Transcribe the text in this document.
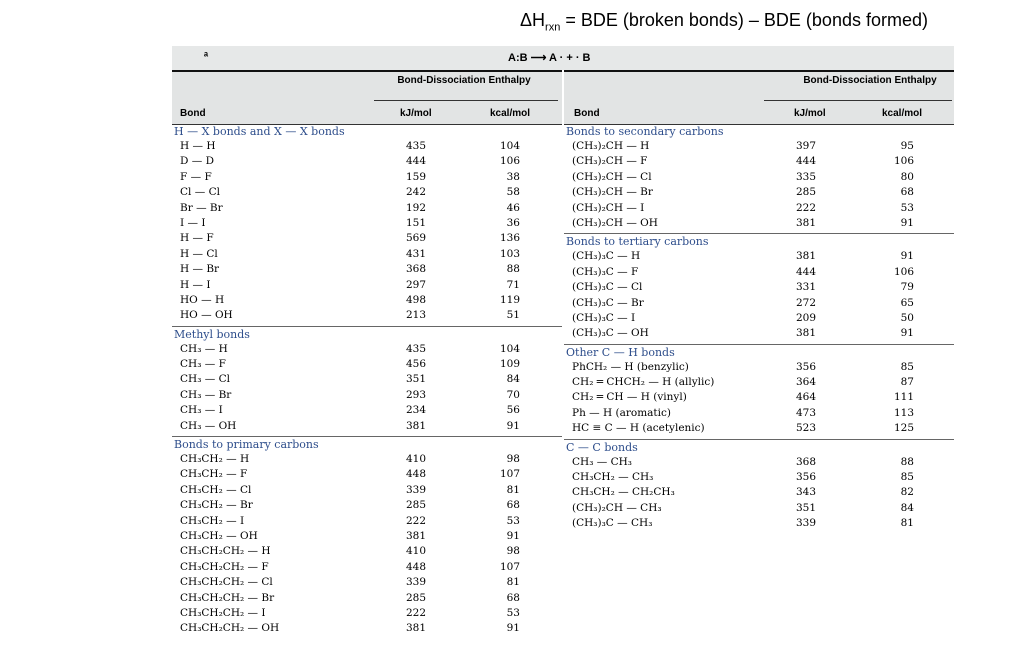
$\Delta H_{rxn}$ = BDE (broken bonds) – BDE (bonds formed)
ᵃ	A:B ⟶ A · + · B
Bond-Dissociation Enthalpy
Bond	kJ/mol	kcal/mol
Bond-Dissociation Enthalpy
Bond	kJ/mol	kcal/mol
H — X bonds and X — X bonds
H — H	435	104
D — D	444	106
F — F	159	38
Cl — Cl	242	58
Br — Br	192	46
I — I	151	36
H — F	569	136
H — Cl	431	103
H — Br	368	88
H — I	297	71
HO — H	498	119
HO — OH	213	51
Methyl bonds
CH₃ — H	435	104
CH₃ — F	456	109
CH₃ — Cl	351	84
CH₃ — Br	293	70
CH₃ — I	234	56
CH₃ — OH	381	91
Bonds to primary carbons
CH₃CH₂ — H	410	98
CH₃CH₂ — F	448	107
CH₃CH₂ — Cl	339	81
CH₃CH₂ — Br	285	68
CH₃CH₂ — I	222	53
CH₃CH₂ — OH	381	91
CH₃CH₂CH₂ — H	410	98
CH₃CH₂CH₂ — F	448	107
CH₃CH₂CH₂ — Cl	339	81
CH₃CH₂CH₂ — Br	285	68
CH₃CH₂CH₂ — I	222	53
CH₃CH₂CH₂ — OH	381	91
Bonds to secondary carbons
(CH₃)₂CH — H	397	95
(CH₃)₂CH — F	444	106
(CH₃)₂CH — Cl	335	80
(CH₃)₂CH — Br	285	68
(CH₃)₂CH — I	222	53
(CH₃)₂CH — OH	381	91
Bonds to tertiary carbons
(CH₃)₃C — H	381	91
(CH₃)₃C — F	444	106
(CH₃)₃C — Cl	331	79
(CH₃)₃C — Br	272	65
(CH₃)₃C — I	209	50
(CH₃)₃C — OH	381	91
Other C — H bonds
PhCH₂ — H (benzylic)	356	85
CH₂ ═ CHCH₂ — H (allylic)	364	87
CH₂ ═ CH — H (vinyl)	464	111
Ph — H (aromatic)	473	113
HC ≡ C — H (acetylenic)	523	125
C — C bonds
CH₃ — CH₃	368	88
CH₃CH₂ — CH₃	356	85
CH₃CH₂ — CH₂CH₃	343	82
(CH₃)₂CH — CH₃	351	84
(CH₃)₃C — CH₃	339	81
